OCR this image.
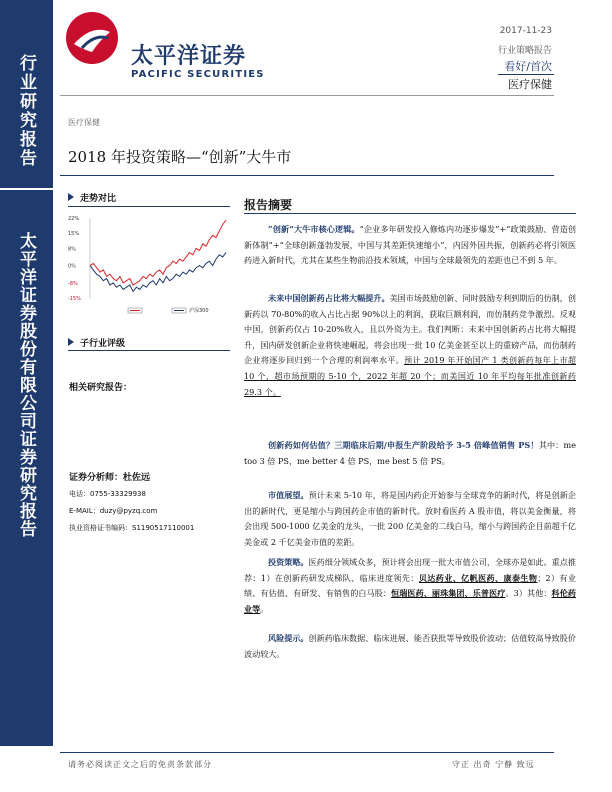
行业研究报告
太平洋证券股份有限公司证券研究报告
太平洋证券
PACIFIC SECURITIES
2017-11-23
行业策略报告
看好/首次
医疗保健
医疗保健
2018 年投资策略—“创新”大牛市
走势对比
22%
15%
8%
0%
-8%
-15%
沪深300
子行业评级
相关研究报告：
证券分析师：杜佐远
电话：0755-33329938
E-MAIL：duzy@pyzq.com
执业资格证书编码：S1190517110001
报告摘要
“创新”大牛市核心逻辑。“企业多年研发投入修炼内功逐步爆发”+“政策鼓励、营造创新体制”+“全球创新蓬勃发展，中国与其差距快速缩小”，内因外因共振，创新药必将引领医药进入新时代，尤其在某些生物前沿技术领域，中国与全球最领先的差距也已不到 5 年。
未来中国创新药占比将大幅提升。美国市场鼓励创新、同时鼓励专利到期后的仿制，创新药以 70-80%的收入占比占据 90%以上的利润，获取巨额利润，而仿制药竞争激烈。反观中国，创新药仅占 10-20%收入，且以外资为主。我们判断：未来中国创新药占比将大幅提升，国内研发创新企业将快速崛起，将会出现一批 10 亿美金甚至以上的重磅产品，而仿制药企业将逐步回归到一个合理的利润率水平。预计 2019 年开始国产 1 类创新药每年上市超 10 个，超市场预期的 5-10 个，2022 年超 20 个；而美国近 10 年平均每年批准创新药 29.3 个。
创新药如何估值？三期临床后期/申报生产阶段给予 3-5 倍峰值销售 PS！其中：me too 3 倍 PS，me better 4 倍 PS，me best 5 倍 PS。
市值展望。预计未来 5-10 年，将是国内药企开始参与全球竞争的新时代，将是创新企出的新时代，更是缩小与跨国药企市值的新时代。放时看医药 A 股市值，将以美金衡量，将会出现 500-1000 亿美金的龙头，一批 200 亿美金的二线白马，缩小与跨国药企目前超千亿美金或 2 千亿美金市值的差距。
投资策略。医药细分领域众多，预计将会出现一批大市值公司，全球亦是如此。重点推荐：1）在创新药研发成梯队、临床进度领先：贝达药业、亿帆医药、康泰生物；2）有业绩、有估值、有研发、有销售的白马股：恒瑞医药、丽珠集团、乐普医疗。3）其他：科伦药业等。
风险提示。创新药临床数据、临床进展、能否获批等导致股价波动；估值较高导致股价波动较大。
请务必阅读正文之后的免责条款部分	守正 出奇 宁静 致远
